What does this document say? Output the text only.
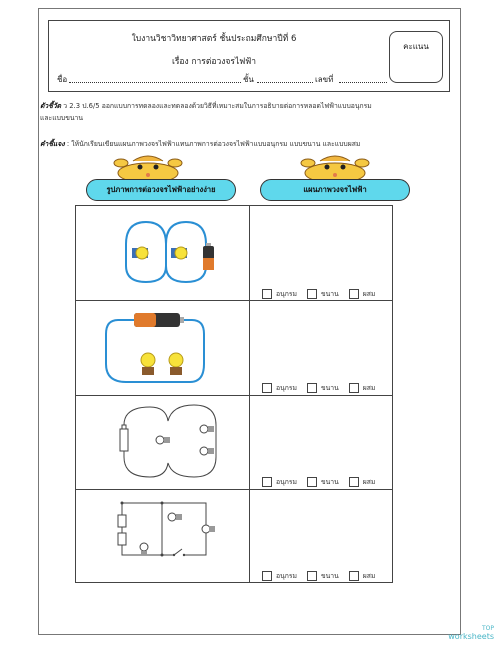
ใบงานวิชาวิทยาศาสตร์ ชั้นประถมศึกษาปีที่ 6
เรื่อง การต่อวงจรไฟฟ้า
คะแนน
ชื่อ	ชั้น	เลขที่
ตัวชี้วัด ว 2.3 ป.6/5 ออกแบบการทดลองและทดลองด้วยวิธีที่เหมาะสมในการอธิบายต่อการหลอดไฟฟ้าแบบอนุกรม
และแบบขนาน
คำชี้แจง : ให้นักเรียนเขียนแผนภาพวงจรไฟฟ้าแทนภาพการต่อวงจรไฟฟ้าแบบอนุกรม แบบขนาน และแบบผสม
รูปภาพการต่อวงจรไฟฟ้าอย่างง่าย	แผนภาพวงจรไฟฟ้า
อนุกรม	ขนาน	ผสม
อนุกรม	ขนาน	ผสม
อนุกรม	ขนาน	ผสม
อนุกรม	ขนาน	ผสม
TOP
worksheets
